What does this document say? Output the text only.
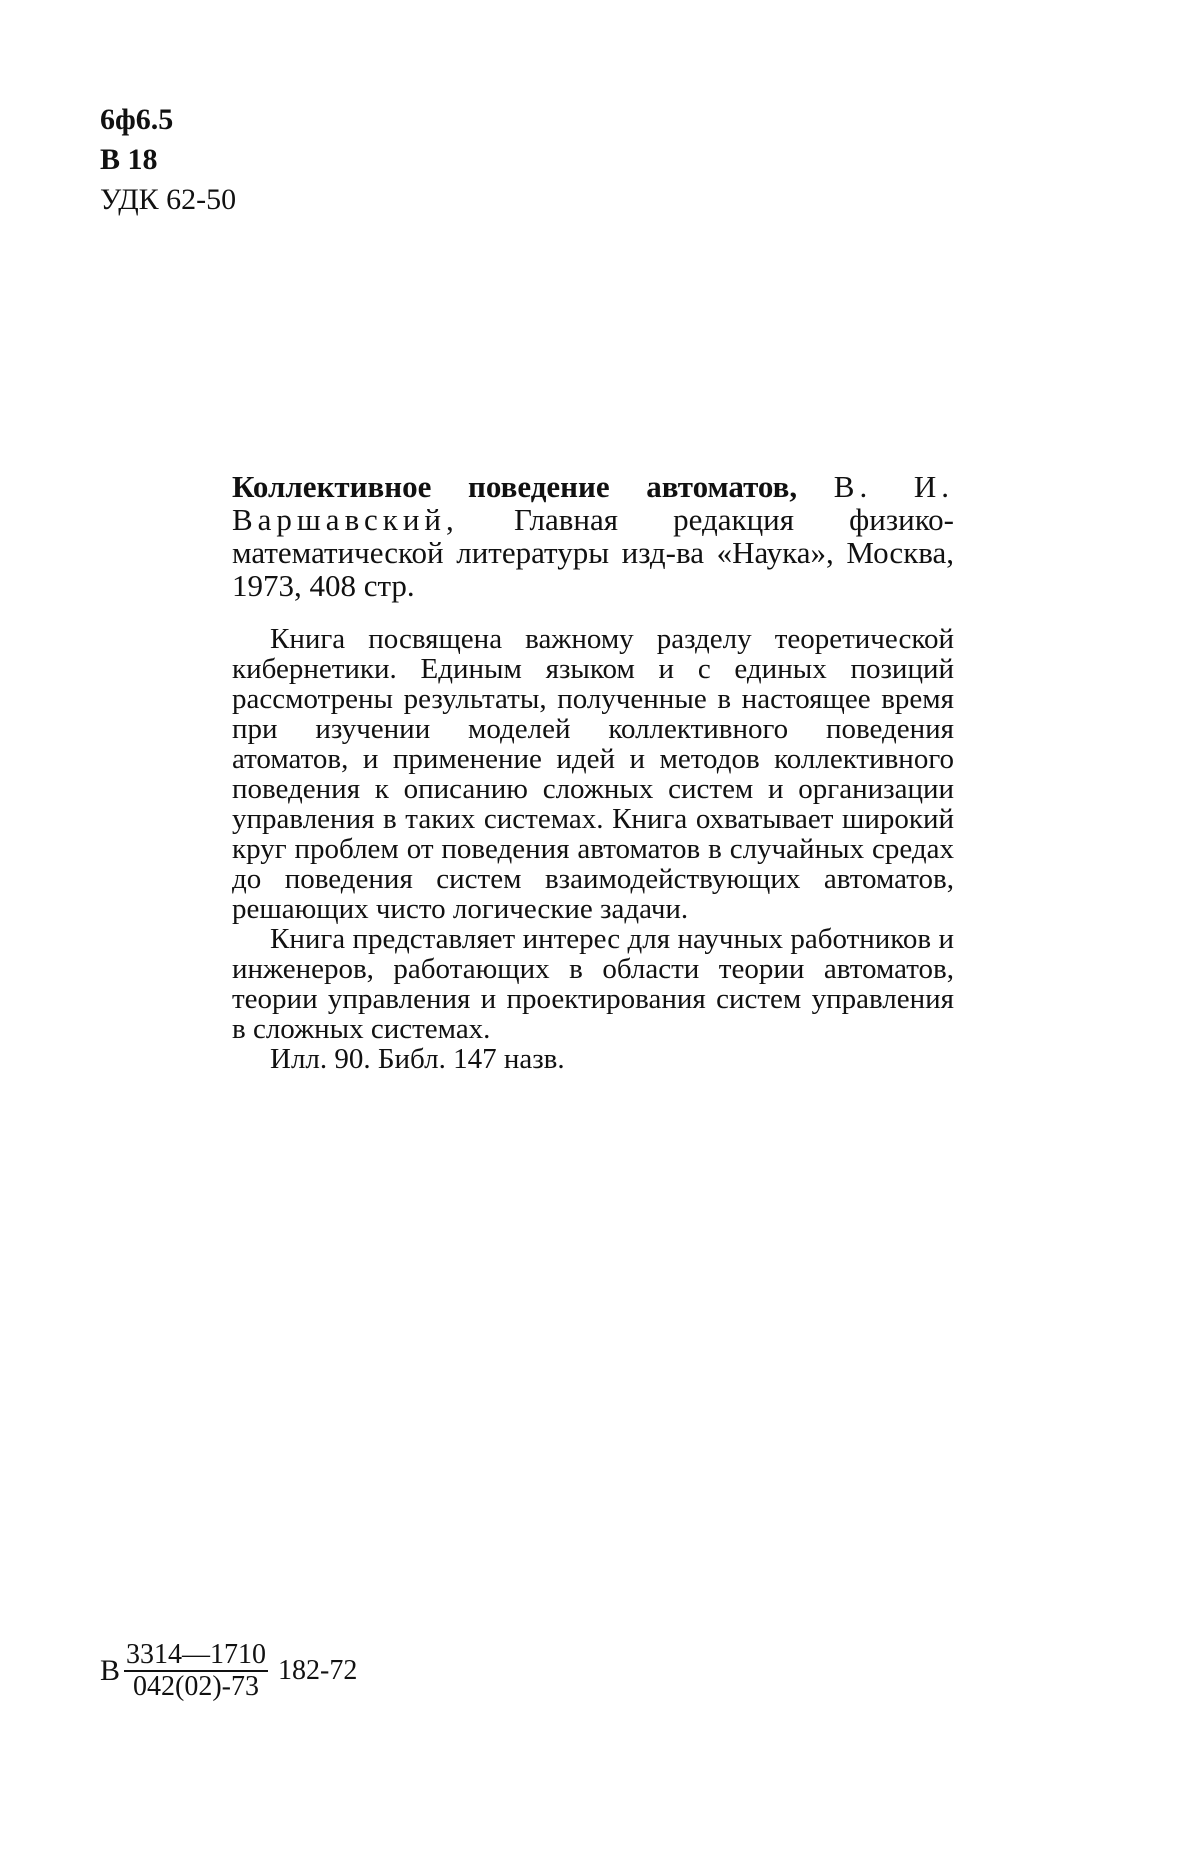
6ф6.5
В 18
УДК 62-50
Коллективное поведение автоматов, В. И. Варшавский, Главная редакция физико-математической литературы изд-ва «Наука», Москва, 1973, 408 стр.

Книга посвящена важному разделу теоретической кибернетики. Единым языком и с единых позиций рассмотрены результаты, полученные в настоящее время при изучении моделей коллективного поведения атоматов, и применение идей и методов коллективного поведения к описанию сложных систем и организации управления в таких системах. Книга охватывает широкий круг проблем от поведения автоматов в случайных средах до поведения систем взаимодействующих автоматов, решающих чисто логические задачи.

Книга представляет интерес для научных работников и инженеров, работающих в области теории автоматов, теории управления и проектирования систем управления в сложных системах.

Илл. 90. Библ. 147 назв.

В $\frac{3314—1710}{042(02)-73} 182-72$
